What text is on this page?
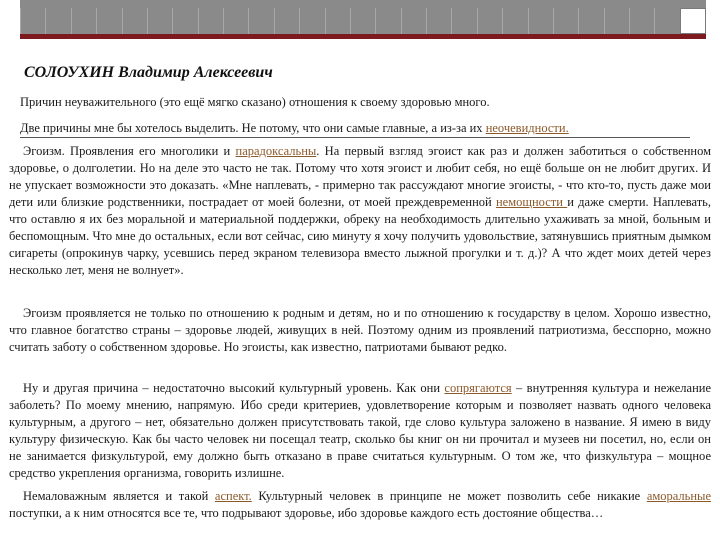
СОЛОУХИН Владимир Алексеевич
Причин неуважительного (это ещё мягко сказано) отношения к своему здоровью много.
Две причины мне бы хотелось выделить. Не потому, что они самые главные, а из-за их неочевидности.
Эгоизм. Проявления его многолики и парадоксальны. На первый взгляд эгоист как раз и должен заботиться о собственном здоровье, о долголетии. Но на деле это часто не так. Потому что хотя эгоист и любит себя, но ещё больше он не любит других. И не упускает возможности это доказать. «Мне наплевать, - примерно так рассуждают многие эгоисты, - что кто-то, пусть даже мои дети или близкие родственники, пострадает от моей болезни, от моей преждевременной немощности и даже смерти. Наплевать, что оставлю я их без моральной и материальной поддержки, обреку на необходимость длительно ухаживать за мной, больным и беспомощным. Что мне до остальных, если вот сейчас, сию минуту я хочу получить удовольствие, затянувшись приятным дымком сигареты (опрокинув чарку, усевшись перед экраном телевизора вместо лыжной прогулки и т. д.)? А что ждет моих детей через несколько лет, меня не волнует».
Эгоизм проявляется не только по отношению к родным и детям, но и по отношению к государству в целом. Хорошо известно, что главное богатство страны – здоровье людей, живущих в ней. Поэтому одним из проявлений патриотизма, бесспорно, можно считать заботу о собственном здоровье. Но эгоисты, как известно, патриотами бывают редко.
Ну и другая причина – недостаточно высокий культурный уровень. Как они сопрягаются – внутренняя культура и нежелание заболеть? По моему мнению, напрямую. Ибо среди критериев, удовлетворение которым и позволяет назвать одного человека культурным, а другого – нет, обязательно должен присутствовать такой, где слово культура заложено в название. Я имею в виду культуру физическую. Как бы часто человек ни посещал театр, сколько бы книг он ни прочитал и музеев ни посетил, но, если он не занимается физкультурой, ему должно быть отказано в праве считаться культурным. О том же, что физкультура – мощное средство укрепления организма, говорить излишне.
Немаловажным является и такой аспект. Культурный человек в принципе не может позволить себе никакие аморальные поступки, а к ним относятся все те, что подрывают здоровье, ибо здоровье каждого есть достояние общества…
